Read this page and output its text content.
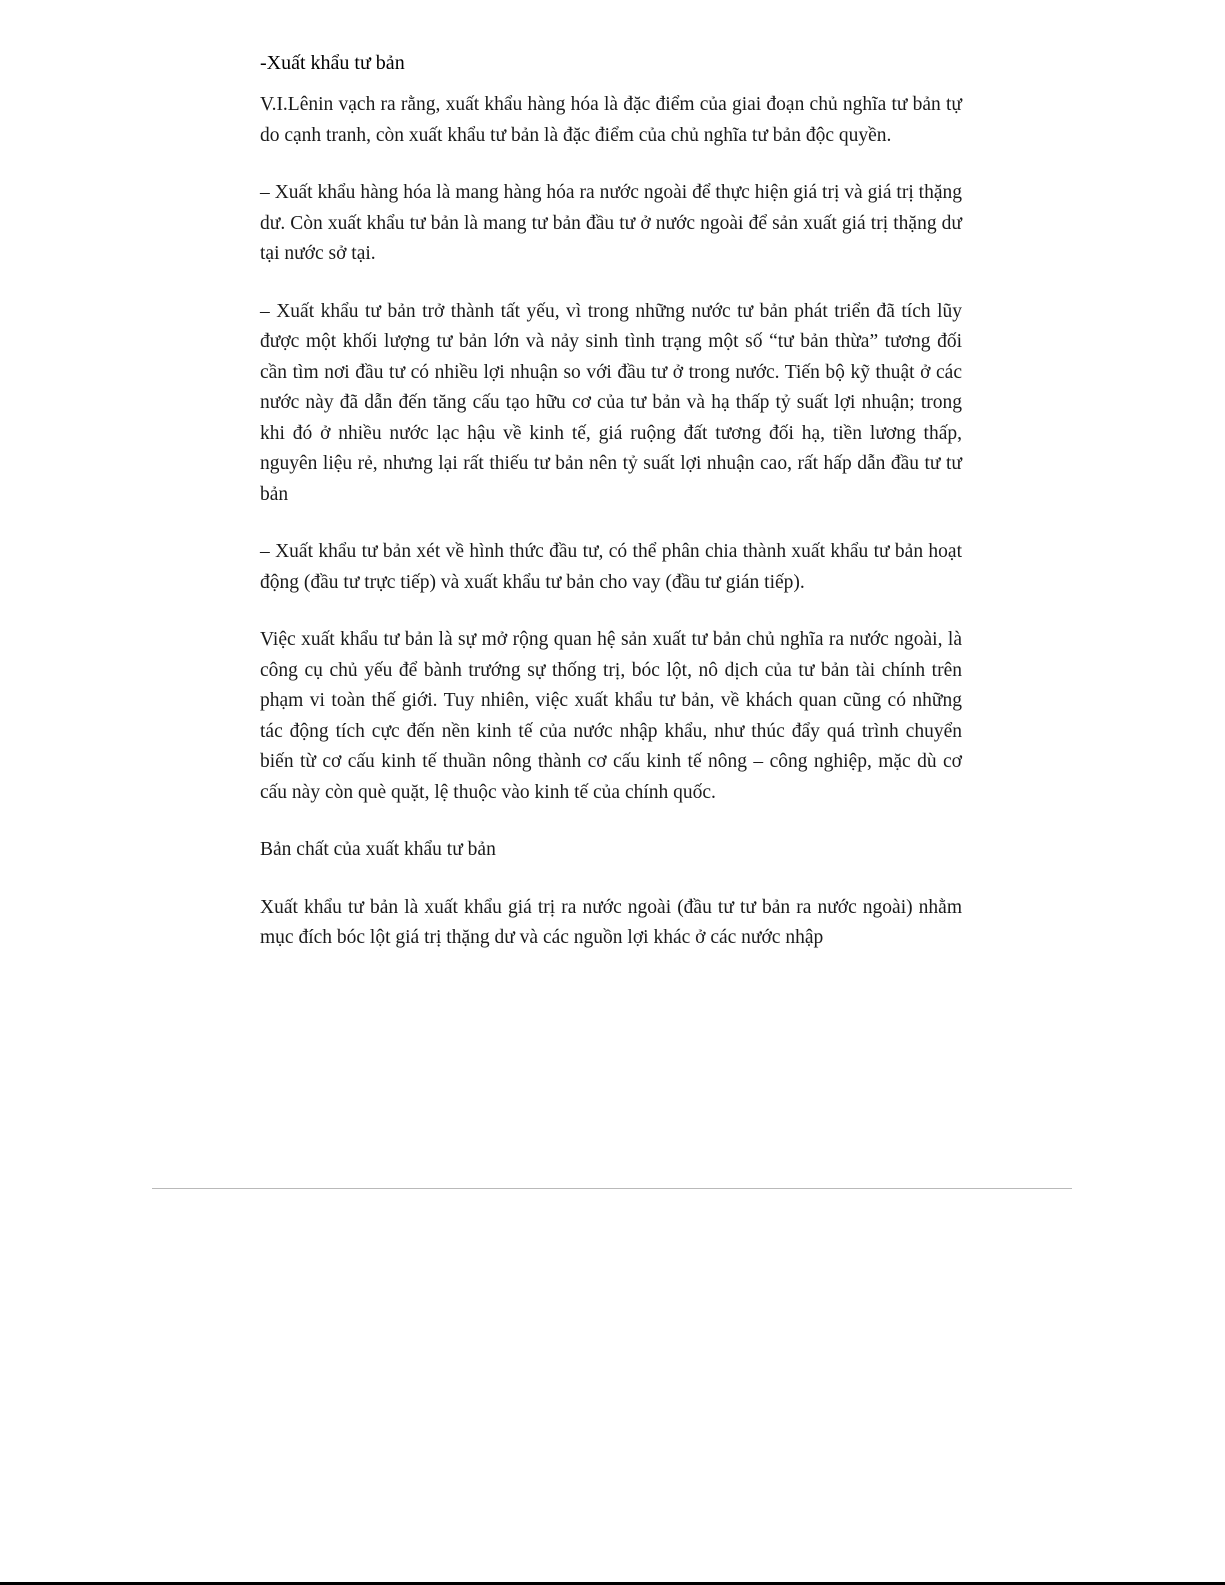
-Xuất khẩu tư bản

V.I.Lênin vạch ra rằng, xuất khẩu hàng hóa là đặc điểm của giai đoạn chủ nghĩa tư bản tự do cạnh tranh, còn xuất khẩu tư bản là đặc điểm của chủ nghĩa tư bản độc quyền.

– Xuất khẩu hàng hóa là mang hàng hóa ra nước ngoài để thực hiện giá trị và giá trị thặng dư. Còn xuất khẩu tư bản là mang tư bản đầu tư ở nước ngoài để sản xuất giá trị thặng dư tại nước sở tại.

– Xuất khẩu tư bản trở thành tất yếu, vì trong những nước tư bản phát triển đã tích lũy được một khối lượng tư bản lớn và nảy sinh tình trạng một số “tư bản thừa” tương đối cần tìm nơi đầu tư có nhiều lợi nhuận so với đầu tư ở trong nước. Tiến bộ kỹ thuật ở các nước này đã dẫn đến tăng cấu tạo hữu cơ của tư bản và hạ thấp tỷ suất lợi nhuận; trong khi đó ở nhiều nước lạc hậu về kinh tế, giá ruộng đất tương đối hạ, tiền lương thấp, nguyên liệu rẻ, nhưng lại rất thiếu tư bản nên tỷ suất lợi nhuận cao, rất hấp dẫn đầu tư tư bản

– Xuất khẩu tư bản xét về hình thức đầu tư, có thể phân chia thành xuất khẩu tư bản hoạt động (đầu tư trực tiếp) và xuất khẩu tư bản cho vay (đầu tư gián tiếp).

Việc xuất khẩu tư bản là sự mở rộng quan hệ sản xuất tư bản chủ nghĩa ra nước ngoài, là công cụ chủ yếu để bành trướng sự thống trị, bóc lột, nô dịch của tư bản tài chính trên phạm vi toàn thế giới. Tuy nhiên, việc xuất khẩu tư bản, về khách quan cũng có những tác động tích cực đến nền kinh tế của nước nhập khẩu, như thúc đẩy quá trình chuyển biến từ cơ cấu kinh tế thuần nông thành cơ cấu kinh tế nông – công nghiệp, mặc dù cơ cấu này còn què quặt, lệ thuộc vào kinh tế của chính quốc.

Bản chất của xuất khẩu tư bản

Xuất khẩu tư bản là xuất khẩu giá trị ra nước ngoài (đầu tư tư bản ra nước ngoài) nhằm mục đích bóc lột giá trị thặng dư và các nguồn lợi khác ở các nước nhập
